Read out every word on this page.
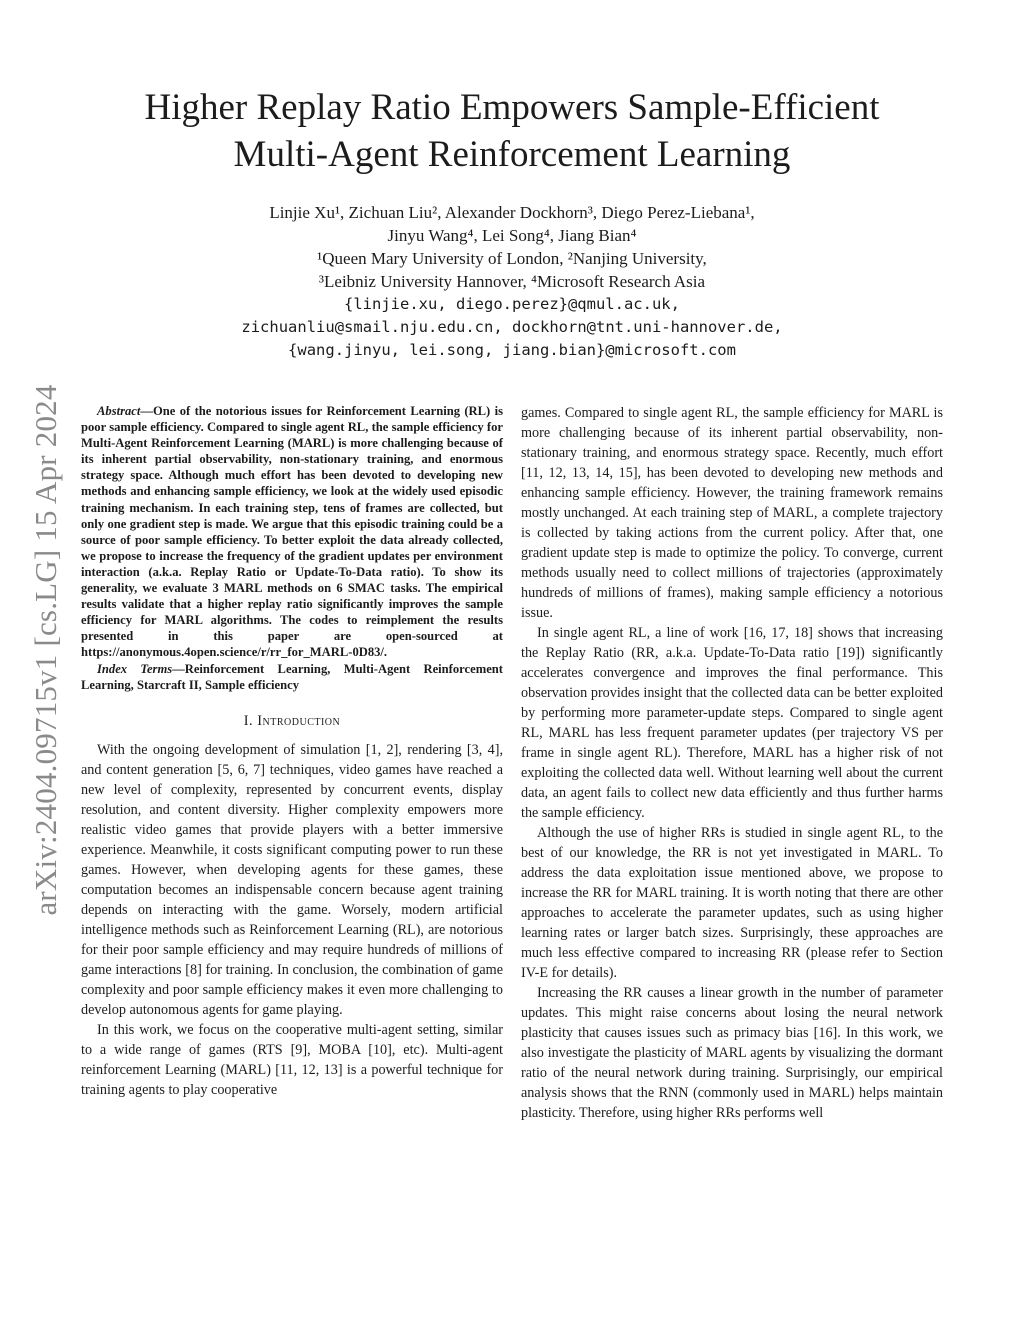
arXiv:2404.09715v1 [cs.LG] 15 Apr 2024
Higher Replay Ratio Empowers Sample-Efficient
Multi-Agent Reinforcement Learning
Linjie Xu¹, Zichuan Liu², Alexander Dockhorn³, Diego Perez-Liebana¹,
Jinyu Wang⁴, Lei Song⁴, Jiang Bian⁴
¹Queen Mary University of London, ²Nanjing University,
³Leibniz University Hannover, ⁴Microsoft Research Asia
{linjie.xu, diego.perez}@qmul.ac.uk,
zichuanliu@smail.nju.edu.cn, dockhorn@tnt.uni-hannover.de,
{wang.jinyu, lei.song, jiang.bian}@microsoft.com

Abstract—One of the notorious issues for Reinforcement Learning (RL) is poor sample efficiency. Compared to single agent RL, the sample efficiency for Multi-Agent Reinforcement Learning (MARL) is more challenging because of its inherent partial observability, non-stationary training, and enormous strategy space. Although much effort has been devoted to developing new methods and enhancing sample efficiency, we look at the widely used episodic training mechanism. In each training step, tens of frames are collected, but only one gradient step is made. We argue that this episodic training could be a source of poor sample efficiency. To better exploit the data already collected, we propose to increase the frequency of the gradient updates per environment interaction (a.k.a. Replay Ratio or Update-To-Data ratio). To show its generality, we evaluate 3 MARL methods on 6 SMAC tasks. The empirical results validate that a higher replay ratio significantly improves the sample efficiency for MARL algorithms. The codes to reimplement the results presented in this paper are open-sourced at https://anonymous.4open.science/r/rr_for_MARL-0D83/.

Index Terms—Reinforcement Learning, Multi-Agent Reinforcement Learning, Starcraft II, Sample efficiency

I. Introduction

With the ongoing development of simulation [1, 2], rendering [3, 4], and content generation [5, 6, 7] techniques, video games have reached a new level of complexity, represented by concurrent events, display resolution, and content diversity. Higher complexity empowers more realistic video games that provide players with a better immersive experience. Meanwhile, it costs significant computing power to run these games. However, when developing agents for these games, these computation becomes an indispensable concern because agent training depends on interacting with the game. Worsely, modern artificial intelligence methods such as Reinforcement Learning (RL), are notorious for their poor sample efficiency and may require hundreds of millions of game interactions [8] for training. In conclusion, the combination of game complexity and poor sample efficiency makes it even more challenging to develop autonomous agents for game playing.

In this work, we focus on the cooperative multi-agent setting, similar to a wide range of games (RTS [9], MOBA [10], etc). Multi-agent reinforcement Learning (MARL) [11, 12, 13] is a powerful technique for training agents to play cooperative

games. Compared to single agent RL, the sample efficiency for MARL is more challenging because of its inherent partial observability, non-stationary training, and enormous strategy space. Recently, much effort [11, 12, 13, 14, 15], has been devoted to developing new methods and enhancing sample efficiency. However, the training framework remains mostly unchanged. At each training step of MARL, a complete trajectory is collected by taking actions from the current policy. After that, one gradient update step is made to optimize the policy. To converge, current methods usually need to collect millions of trajectories (approximately hundreds of millions of frames), making sample efficiency a notorious issue.

In single agent RL, a line of work [16, 17, 18] shows that increasing the Replay Ratio (RR, a.k.a. Update-To-Data ratio [19]) significantly accelerates convergence and improves the final performance. This observation provides insight that the collected data can be better exploited by performing more parameter-update steps. Compared to single agent RL, MARL has less frequent parameter updates (per trajectory VS per frame in single agent RL). Therefore, MARL has a higher risk of not exploiting the collected data well. Without learning well about the current data, an agent fails to collect new data efficiently and thus further harms the sample efficiency.

Although the use of higher RRs is studied in single agent RL, to the best of our knowledge, the RR is not yet investigated in MARL. To address the data exploitation issue mentioned above, we propose to increase the RR for MARL training. It is worth noting that there are other approaches to accelerate the parameter updates, such as using higher learning rates or larger batch sizes. Surprisingly, these approaches are much less effective compared to increasing RR (please refer to Section IV-E for details).

Increasing the RR causes a linear growth in the number of parameter updates. This might raise concerns about losing the neural network plasticity that causes issues such as primacy bias [16]. In this work, we also investigate the plasticity of MARL agents by visualizing the dormant ratio of the neural network during training. Surprisingly, our empirical analysis shows that the RNN (commonly used in MARL) helps maintain plasticity. Therefore, using higher RRs performs well
